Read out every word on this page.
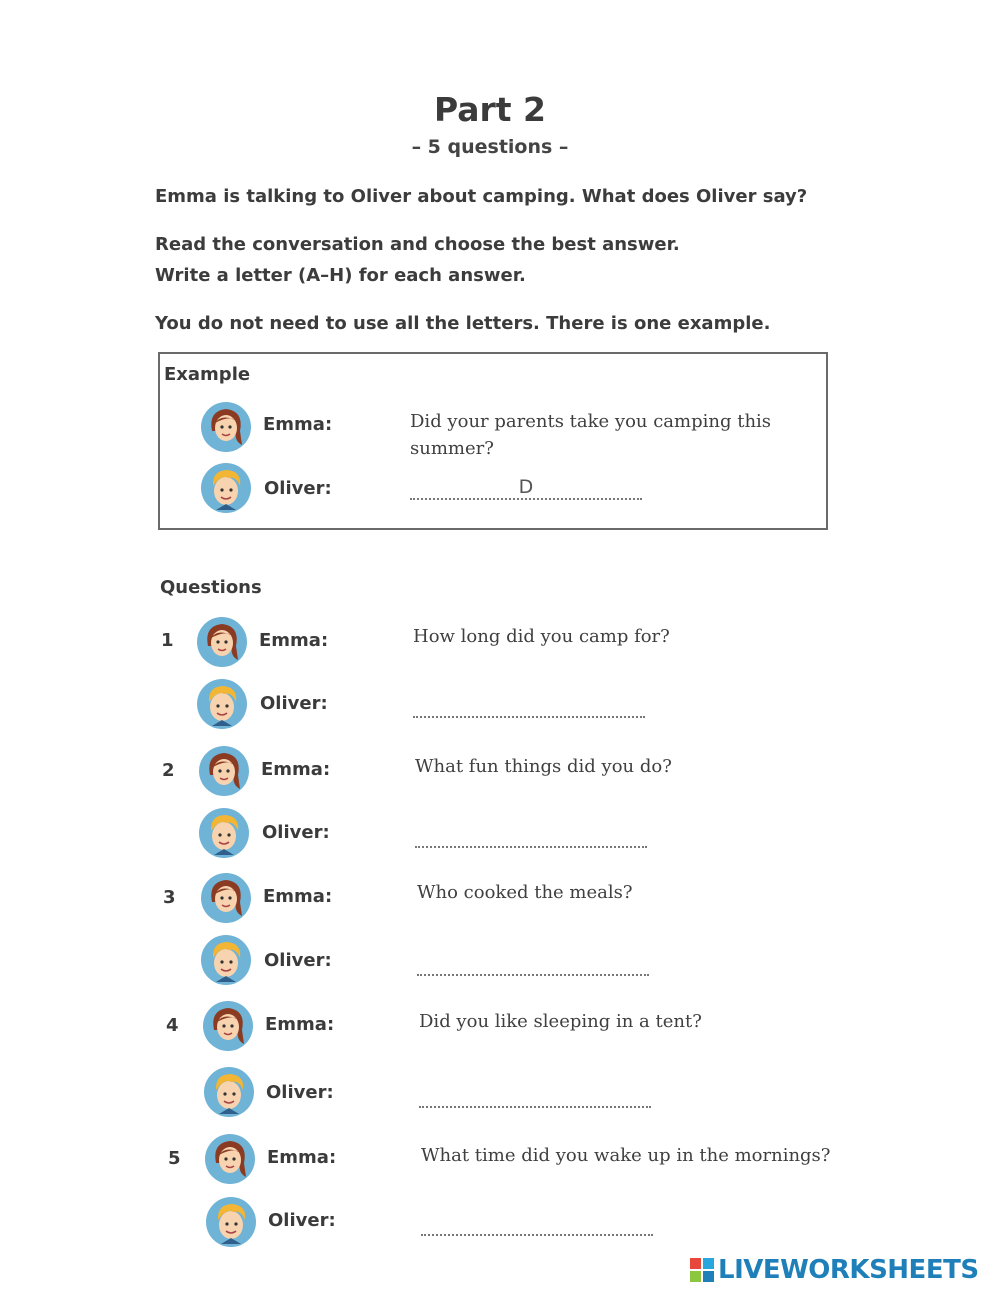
Part 2
– 5 questions –
Emma is talking to Oliver about camping. What does Oliver say?
Read the conversation and choose the best answer.
Write a letter (A–H) for each answer.
You do not need to use all the letters. There is one example.
Example
Emma:	Did your parents take you camping this summer?
Oliver:	D
Questions
1	Emma:	How long did you camp for?
Oliver:
2	Emma:	What fun things did you do?
Oliver:
3	Emma:	Who cooked the meals?
Oliver:
4	Emma:	Did you like sleeping in a tent?
Oliver:
5	Emma:	What time did you wake up in the mornings?
Oliver:
LIVEWORKSHEETS
